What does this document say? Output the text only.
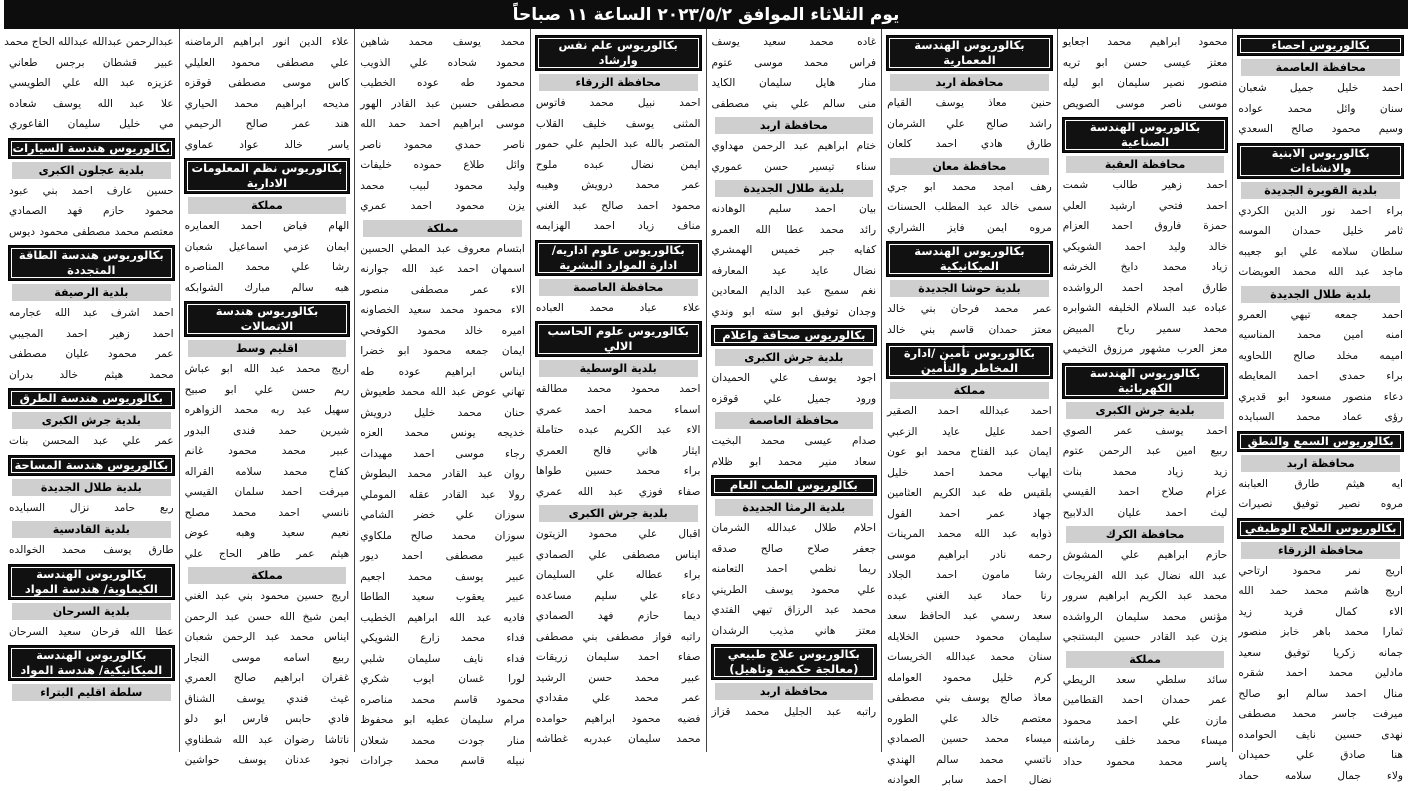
يوم الثلاثاء الموافق ٢٠٢٣/٥/٢ الساعة ١١ صباحاً
بكالوريوس احصاء
محافظة العاصمة
احمد خليل جميل شعبان
سنان وائل محمد عواده
وسيم محمود صالح السعدي
بكالوريوس الابنية والانشاءات
بلدية القويرة الجديدة
براء احمد نور الدين الكردي
ثامر خليل حمدان الموسه
سلطان سلامه علي ابو جعيبه
ماجد عبد الله محمد العويضات
بلدية طلال الجديدة
احمد جمعه تيهي العمرو
امنه امين محمد المناسيه
اميمه مخلد صالح اللحاويه
براء حمدى احمد المعايطه
دعاء منصور مسعود ابو قديري
رؤى عماد محمد السبايده
بكالوريوس السمع والنطق
محافظة اربد
ايه هيثم طارق العبابنه
مروه نصير توفيق نصيرات
بكالوريوس العلاج الوظيفي
محافظة الزرقاء
اريج نمر محمود ارتاحي
اريج هاشم محمد حمد الله
الاء كمال فريد زيد
ثمارا محمد باهر خابز منصور
جمانه زكريا توفيق سعيد
مادلين محمد احمد شقره
منال احمد سالم ابو صالح
ميرفت جاسر محمد مصطفى
نهدى حسين نايف الحوامده
هنا صادق علي حميدان
ولاء جمال سلامه حماد
محمود ابراهيم محمد اجعايو
معتز عيسى حسن ابو تريه
منصور نصير سليمان ابو ليله
موسى ناصر موسى الصويص
بكالوريوس الهندسة الصناعية
محافظة العقبة
احمد زهير طالب شمت
احمد فتحي ارشيد العلي
حمزة فاروق احمد العزام
خالد وليد احمد الشويكي
زياد محمد دايخ الخرشه
طارق امجد احمد الرواشده
عباده عبد السلام الخليفه الشوابره
محمد سمير رباح المبيض
معز العرب مشهور مرزوق التخيمي
بكالوريوس الهندسة الكهربائية
بلدية جرش الكبرى
احمد يوسف عمر الصوي
ربيع امين عبد الرحمن عتوم
زيد زياد محمد بنات
عزام صلاح احمد القيسي
ليث احمد عليان الدلابيح
محافظة الكرك
حازم ابراهيم علي المشوش
عبد الله نضال عبد الله الفريجات
محمد عبد الكريم ابراهيم سرور
مؤنس محمد سليمان الرواشده
يزن عبد القادر حسين البستنجي
مملكة
سائد سلطي سعد الريطي
عمر حمدان احمد القطامين
مازن علي احمد محمود
ميساء محمد خلف رماشنه
ياسر محمد محمود حداد
بكالوريوس الهندسة المعمارية
محافظة اربد
حنين معاذ يوسف القيام
راشد صالح علي الشرمان
طارق هادي احمد كلعان
محافظة معان
رهف امجد محمد ابو جري
سمى خالد عبد المطلب الحسنات
مروه ايمن فايز الشراري
بكالوريوس الهندسة الميكانيكية
بلدية حوشا الجديدة
عمر محمد فرحان بني خالد
معتز حمدان قاسم بني خالد
بكالوريوس تأمين /ادارة المخاطر والتأمين
مملكة
احمد عبدالله احمد الصقير
احمد عليل عايد الزعبي
ايمان عبد الفتاح محمد ابو عون
ايهاب محمد احمد خليل
بلقيس طه عبد الكريم العثامين
جهاد عمر احمد الفول
ذوابه عبد الله محمد المرينات
رحمه نادر ابراهيم موسى
رشا مامون احمد الجلاد
رنا حماد عبد الغني عبده
سعد رسمي عبد الحافظ سعد
سليمان محمود حسين الخلايله
سنان محمد عبدالله الخريسات
كرم خليل محمود العوامله
معاذ صالح يوسف بني مصطفى
معتصم خالد علي الطوره
ميساء محمد حسين الصمادي
ناتسي محمد سالم الهندي
نضال احمد سابر العوادنه
غاده محمد سعيد يوسف
فراس محمد موسى عتوم
منار هايل سليمان الكايد
منى سالم علي بني مصطفى
محافظة اربد
ختام ابراهيم عبد الرحمن مهداوي
سناء تيسير حسن عموري
بلدية طلال الجديدة
بيان احمد سليم الوهادنه
رائد محمد عطا الله العمرو
كفايه جبر خميس الهمشري
نضال عايد عيد المعارفه
نغم سميح عبد الدايم المعادين
وجدان توفيق ابو سته ابو وندي
بكالوريوس صحافة واعلام
بلدية جرش الكبرى
اجود يوسف علي الحميدان
ورود جميل علي قوقزه
محافظة العاصمة
صدام عيسى محمد البخيت
سعاد منير محمد ابو ظلام
بكالوريوس الطب العام
بلدية الرمثا الجديدة
احلام طلال عبدالله الشرمان
جعفر صلاح صالح صدقه
ريما نظمي احمد التعامنه
علي محمود يوسف الطريني
محمد عبد الرزاق تيهي الفتدي
معتز هاني مذيب الرشدان
بكالوريوس علاج طبيعي (معالجة حكمية وتاهيل)
محافظة اربد
راتبه عبد الجليل محمد قزاز
بكالوريوس علم نفس وارشاد
محافظة الزرقاء
احمد نبيل محمد فاتوس
المثنى يوسف خليف القلاب
المتصر بالله عبد الحليم علي حمور
ايمن نضال عبده ملوح
عمر محمد درويش وهيبه
محمود احمد صالح عبد الغني
مناف زياد احمد الهزايمه
بكالوريوس علوم اداريه/ادارة الموارد البشرية
محافظة العاصمة
علاء عباد محمد العباده
بكالوريوس علوم الحاسب الالي
بلدية الوسطية
احمد محمود محمد مطالقه
اسماء محمد احمد عمري
الاء عبد الكريم عبده حتاملة
ايثار هاني فالح العمري
براء محمد حسين طواها
صفاء فوزي عبد الله عمري
بلدية جرش الكبرى
اقبال علي محمود الزيتون
ايناس مصطفى علي الصمادي
براء عطاله علي السليمان
دعاء علي سليم مساعده
ديما حازم فهد الصمادي
راتبه فواز مصطفى بني مصطفى
صفاء احمد سليمان زريقات
عبير محمد حسن الرشيد
عمر محمد علي مقدادي
فضيه محمود ابراهيم حوامده
محمد سليمان عبدربه غطاشه
محمد يوسف محمد شاهين
محمود شحاده علي الذويب
محمود طه عوده الخطيب
مصطفى حسين عبد القادر الهور
موسى ابراهيم احمد حمد الله
ناصر حمدي محمود ناصر
وائل طلاع حموده خليفات
وليد محمود لبيب محمد
يزن محمود احمد عمري
مملكة
ابتسام معروف عبد المطي الحسين
اسمهان احمد عبد الله جوارنه
الاء عمر مصطفى منصور
الاء محمود محمد سعيد الخصاونه
اميره خالد محمود الكوفحي
ايمان جمعه محمود ابو خضرا
ايناس ابراهيم عوده طه
تهاني عوض عبد الله محمد طعيوش
حنان محمد خليل درويش
خديجه يونس محمد العزه
رجاء موسى احمد مهيدات
روان عبد القادر محمد البطوش
رولا عبد القادر عقله الموملي
سوزان علي خضر الشامي
سوزان محمد صالح ملكاوي
عبير مصطفى احمد ديور
عبير يوسف محمد اجعيم
عبير يعقوب سعيد الطاطا
فاديه عبد الله ابراهيم الخطيب
فداء محمد زارع الشويكي
فداء نايف سليمان شلبي
لورا غسان ايوب شكري
محمود قاسم محمد مناصره
مرام سليمان عطيه ابو محفوظ
منار جودت محمد شعلان
نبيله قاسم محمد جرادات
علاء الدين انور ابراهيم الرماضنه
علي مصطفى محمود العليلي
كاس موسى مصطفى قوقزه
مديحه ابراهيم محمد الحياري
هند عمر صالح الرحيمي
ياسر خالد عواد عماوي
بكالوريوس نظم المعلومات الادارية
مملكة
الهام فياض احمد العمايره
ايمان عزمي اسماعيل شعبان
رشا علي محمد المناصره
هبه سالم مبارك الشوابكه
بكالوريوس هندسة الاتصالات
اقليم وسط
اريج محمد عبد الله ابو عباش
ريم حسن علي ابو صبيح
سهيل عبد ربه محمد الزواهره
شيرين حمد فندى البدور
عبير محمد محمود غانم
كفاح محمد سلامه القراله
ميرفت احمد سلمان القيسي
نانسي احمد محمد مصلح
نعيم سعيد وهبه عوض
هيثم عمر طاهر الحاج علي
مملكة
اريج حسين محمود بني عبد الغني
ايمن شيخ الله حسن عبد الرحمن
ايناس محمد عبد الرحمن شعبان
ربيع اسامه موسى النجار
غفران ابراهيم صالح العمري
غيث فندي يوسف الشناق
فادي حابس فارس ابو دلو
ناتاشا رضوان عبد الله شطناوي
نجود عدنان يوسف حواشين
عبدالرحمن عبدالله عبدالله الحاج محمد
عبير قشطان برجس طعاني
عزيزه عبد الله علي الطويسي
علا عبد الله يوسف شعاده
مي خليل سليمان القاعوري
بكالوريوس هندسة السيارات
بلدية عجلون الكبرى
حسين عارف احمد بني عبود
محمود حازم فهد الصمادي
معتصم محمد مصطفى محمود ديوس
بكالوريوس هندسة الطاقة المتجددة
بلدية الرصيفة
احمد اشرف عبد الله عجارمه
احمد زهير احمد المجيبي
عمر محمود عليان مصطفى
محمد هيثم خالد بدران
بكالوريوس هندسة الطرق
بلدية جرش الكبرى
عمر علي عبد المحسن بنات
بكالوريوس هندسة المساحة
بلدية طلال الجديدة
ربع حامد نزال السبايده
بلدية القادسية
طارق يوسف محمد الخوالده
بكالوريوس الهندسة الكيماوية/ هندسة المواد
بلدية السرحان
عطا الله فرحان سعيد السرحان
بكالوريوس الهندسة الميكانيكية/ هندسة المواد
سلطة اقليم البتراء
